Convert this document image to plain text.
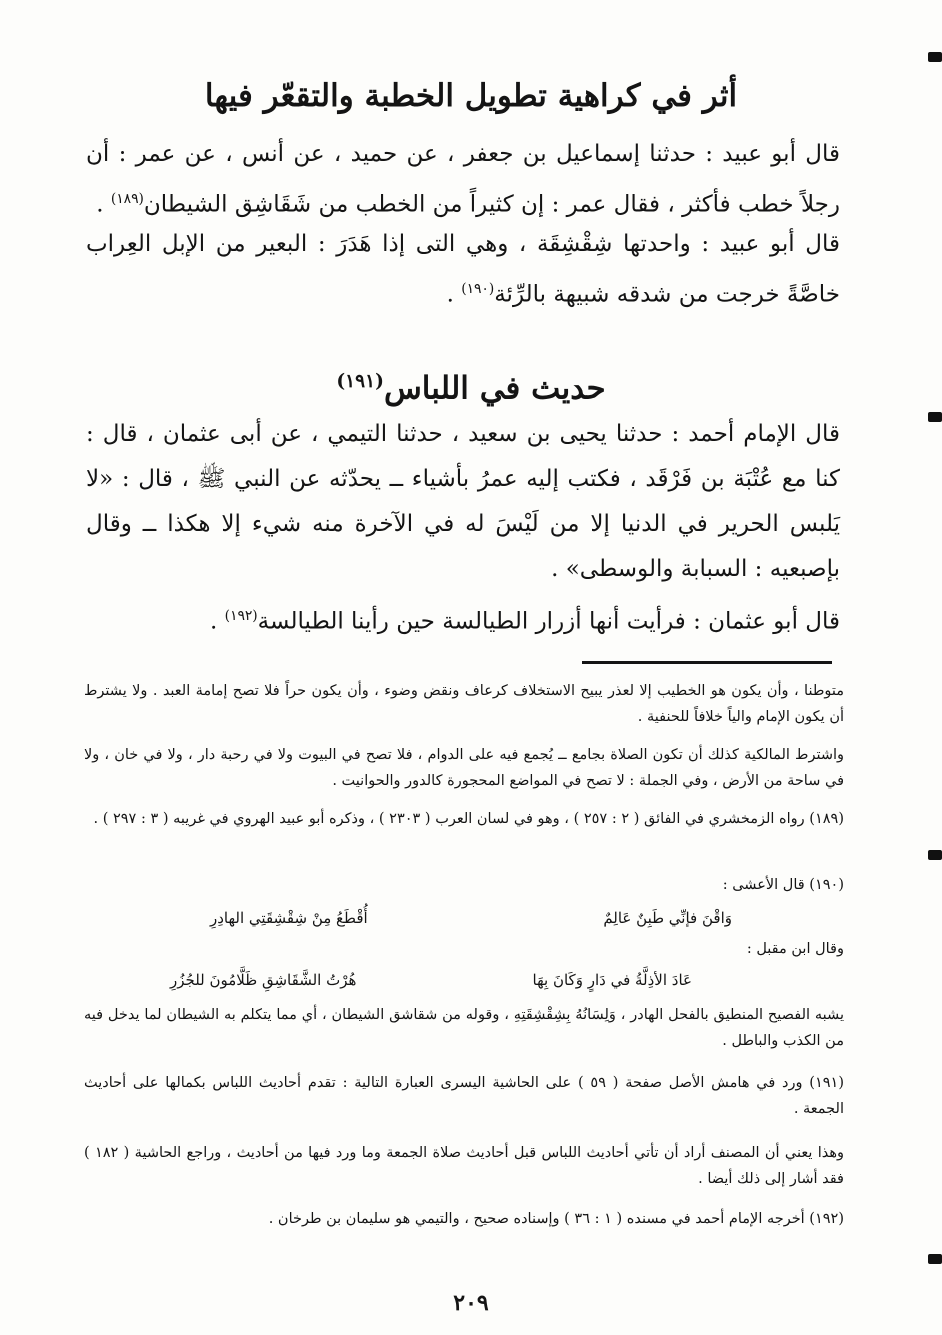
أثر في كراهية تطويل الخطبة والتقعّر فيها
قال أبو عبيد : حدثنا إسماعيل بن جعفر ، عن حميد ، عن أنس ، عن عمر : أن رجلاً خطب فأكثر ، فقال عمر : إن كثيراً من الخطب من شَقَاشِق الشيطان$^{(١٨٩)}$ .
قال أبو عبيد : واحدتها شِقْشِقَة ، وهي التى إذا هَدَرَ : البعير من الإبل العِراب خاصَّةً خرجت من شدقه شبيهة بالرِّئة$^{(١٩٠)}$ .
حديث في اللباس$^{(١٩١)}$
قال الإمام أحمد : حدثنا يحيى بن سعيد ، حدثنا التيمي ، عن أبى عثمان ، قال : كنا مع عُتْبَة بن فَرْقَد ، فكتب إليه عمرُ بأشياء ــ يحدّثه عن النبي ﷺ ، قال : «لا يَلبس الحرير في الدنيا إلا من لَيْسَ له في الآخرة منه شيء إلا هكذا ــ وقال بإصبعيه : السبابة والوسطى» .
قال أبو عثمان : فرأيت أنها أزرار الطيالسة حين رأينا الطيالسة$^{(١٩٢)}$ .
متوطنا ، وأن يكون هو الخطيب إلا لعذر يبيح الاستخلاف كرعاف ونقض وضوء ، وأن يكون حراً فلا تصح إمامة العبد . ولا يشترط أن يكون الإمام والياً خلافاً للحنفية .
واشترط المالكية كذلك أن تكون الصلاة بجامع ــ يُجمع فيه على الدوام ، فلا تصح في البيوت ولا في رحبة دار ، ولا في خان ، ولا في ساحة من الأرض ، وفي الجملة : لا تصح في المواضع المحجورة كالدور والحوانيت .
(١٨٩) رواه الزمخشري في الفائق ( ٢ : ٢٥٧ ) ، وهو في لسان العرب ( ٢٣٠٣ ) ، وذكره أبو عبيد الهروي في غريبه ( ٣ : ٢٩٧ ) .
(١٩٠) قال الأعشى :
وَاقْنَ فإنِّي طَبِنٌ عَالِمٌ
أُقْطَعُ مِنْ شِقْشِقَتِي الهادِرِ
وقال ابن مقبل :
عَادَ الأذِلَّةُ في دَارٍ وَكَانَ بِهَا
هُرْتُ الشَّقَاشِقِ ظَلَّامُونَ للجُزُرِ
يشبه الفصيح المنطيق بالفحل الهادر ، وَلِسَانُهُ بِشِقْشِقَتِهِ ، وقوله من شقاشق الشيطان ، أي مما يتكلم به الشيطان لما يدخل فيه من الكذب والباطل .
(١٩١) ورد في هامش الأصل صفحة ( ٥٩ ) على الحاشية اليسرى العبارة التالية : تقدم أحاديث اللباس بكمالها على أحاديث الجمعة .
وهذا يعني أن المصنف أراد أن تأتي أحاديث اللباس قبل أحاديث صلاة الجمعة وما ورد فيها من أحاديث ، وراجع الحاشية ( ١٨٢ ) فقد أشار إلى ذلك أيضا .
(١٩٢) أخرجه الإمام أحمد في مسنده ( ١ : ٣٦ ) وإسناده صحيح ، والتيمي هو سليمان بن طرخان .
٢٠٩
